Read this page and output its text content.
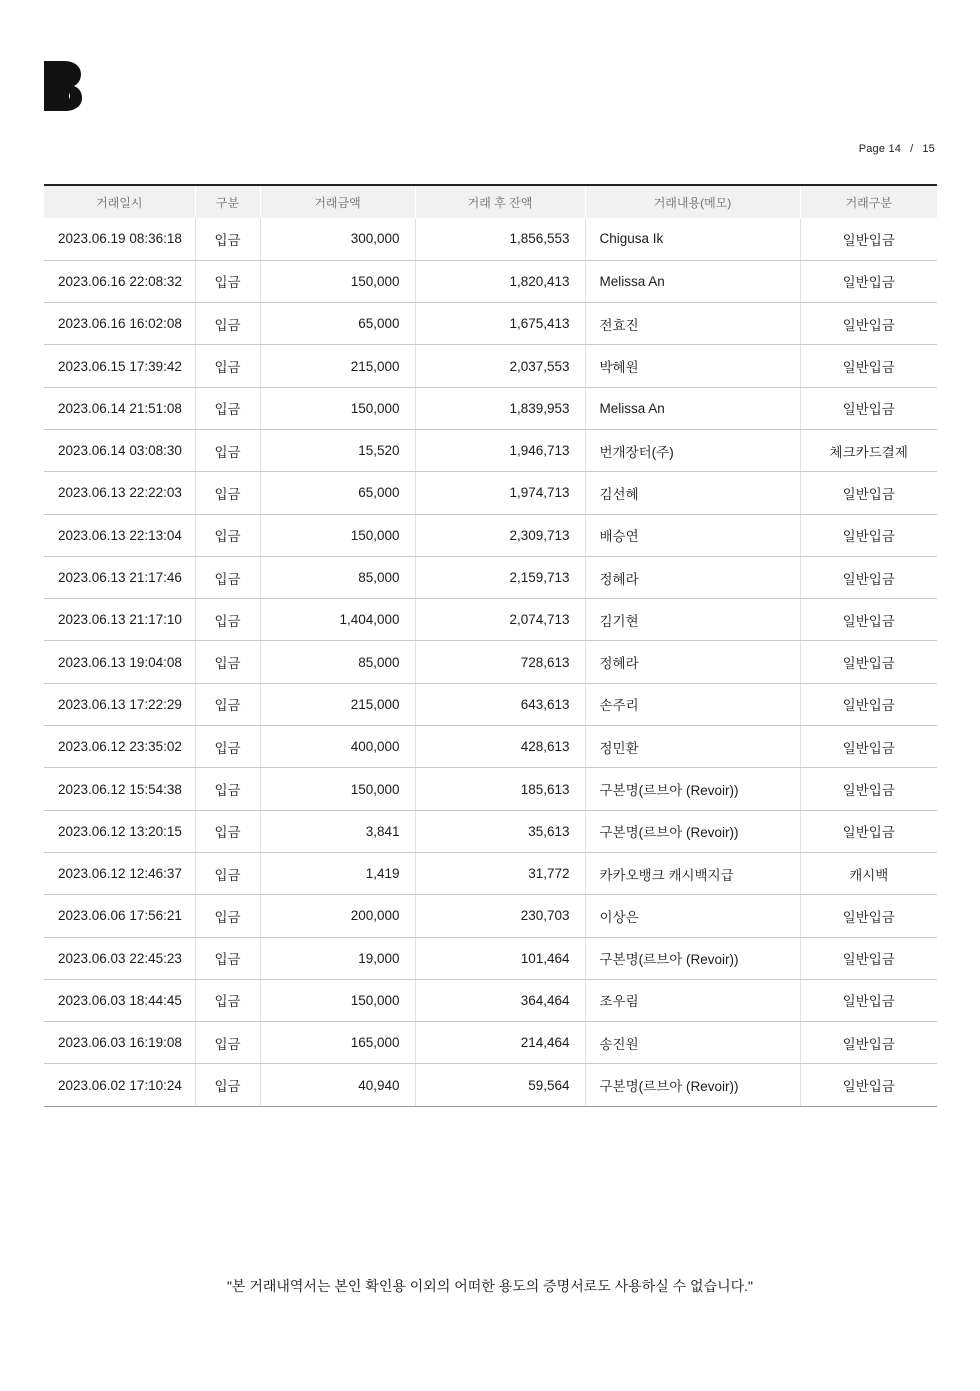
Page 14 / 15
거래일시	구분	거래금액	거래 후 잔액	거래내용(메모)	거래구분
2023.06.19 08:36:18	입금	300,000	1,856,553	Chigusa Ik	일반입금
2023.06.16 22:08:32	입금	150,000	1,820,413	Melissa An	일반입금
2023.06.16 16:02:08	입금	65,000	1,675,413	전효진	일반입금
2023.06.15 17:39:42	입금	215,000	2,037,553	박혜원	일반입금
2023.06.14 21:51:08	입금	150,000	1,839,953	Melissa An	일반입금
2023.06.14 03:08:30	입금	15,520	1,946,713	번개장터(주)	체크카드결제
2023.06.13 22:22:03	입금	65,000	1,974,713	김선혜	일반입금
2023.06.13 22:13:04	입금	150,000	2,309,713	배승연	일반입금
2023.06.13 21:17:46	입금	85,000	2,159,713	정혜라	일반입금
2023.06.13 21:17:10	입금	1,404,000	2,074,713	김기현	일반입금
2023.06.13 19:04:08	입금	85,000	728,613	정혜라	일반입금
2023.06.13 17:22:29	입금	215,000	643,613	손주리	일반입금
2023.06.12 23:35:02	입금	400,000	428,613	정민환	일반입금
2023.06.12 15:54:38	입금	150,000	185,613	구본명(르브아 (Revoir))	일반입금
2023.06.12 13:20:15	입금	3,841	35,613	구본명(르브아 (Revoir))	일반입금
2023.06.12 12:46:37	입금	1,419	31,772	카카오뱅크 캐시백지급	캐시백
2023.06.06 17:56:21	입금	200,000	230,703	이상은	일반입금
2023.06.03 22:45:23	입금	19,000	101,464	구본명(르브아 (Revoir))	일반입금
2023.06.03 18:44:45	입금	150,000	364,464	조우림	일반입금
2023.06.03 16:19:08	입금	165,000	214,464	송진원	일반입금
2023.06.02 17:10:24	입금	40,940	59,564	구본명(르브아 (Revoir))	일반입금
"본 거래내역서는 본인 확인용 이외의 어떠한 용도의 증명서로도 사용하실 수 없습니다."
